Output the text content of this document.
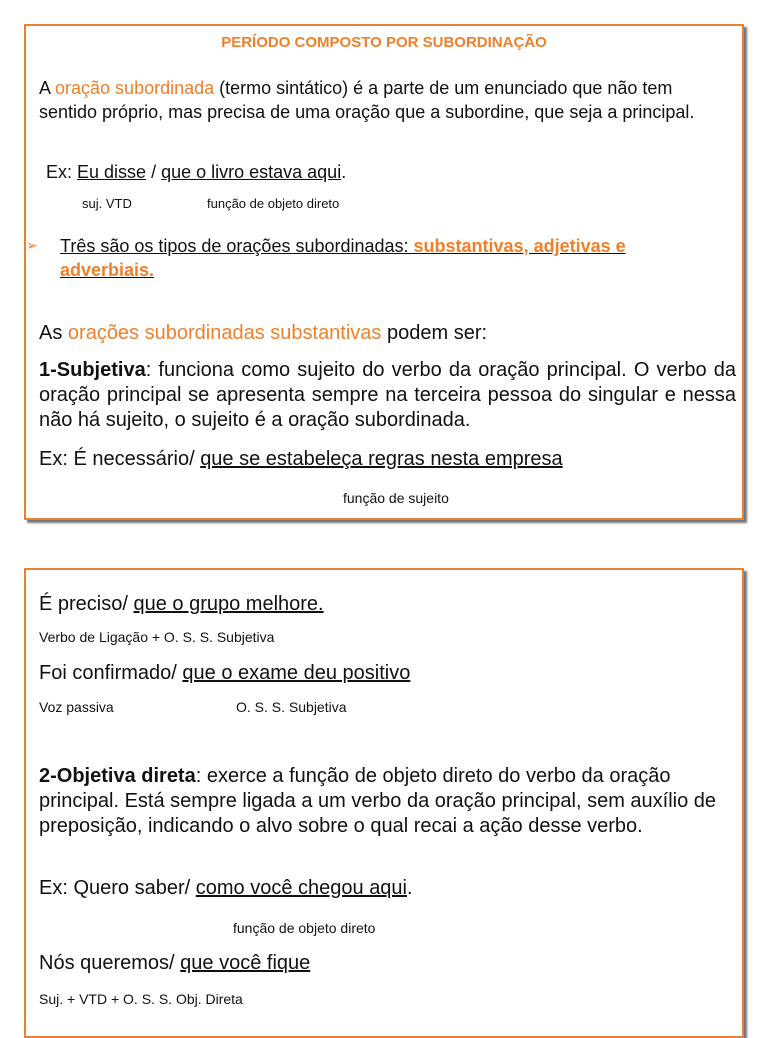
PERÍODO COMPOSTO POR SUBORDINAÇÃO

A oração subordinada (termo sintático) é a parte de um enunciado que não tem sentido próprio, mas precisa de uma oração que a subordine, que seja a principal.

Ex: Eu disse / que o livro estava aqui.

suj. VTD	função de objeto direto
➢ Três são os tipos de orações subordinadas: substantivas, adjetivas e adverbiais.

As orações subordinadas substantivas podem ser:

1-Subjetiva: funciona como sujeito do verbo da oração principal. O verbo da oração principal se apresenta sempre na terceira pessoa do singular e nessa não há sujeito, o sujeito é a oração subordinada.

Ex: É necessário/ que se estabeleça regras nesta empresa

função de sujeito

É preciso/ que o grupo melhore.

Verbo de Ligação + O. S. S. Subjetiva

Foi confirmado/ que o exame deu positivo

Voz passiva	O. S. S. Subjetiva

2-Objetiva direta: exerce a função de objeto direto do verbo da oração principal. Está sempre ligada a um verbo da oração principal, sem auxílio de preposição, indicando o alvo sobre o qual recai a ação desse verbo.

Ex: Quero saber/ como você chegou aqui.

função de objeto direto

Nós queremos/ que você fique

Suj. + VTD + O. S. S. Obj. Direta
